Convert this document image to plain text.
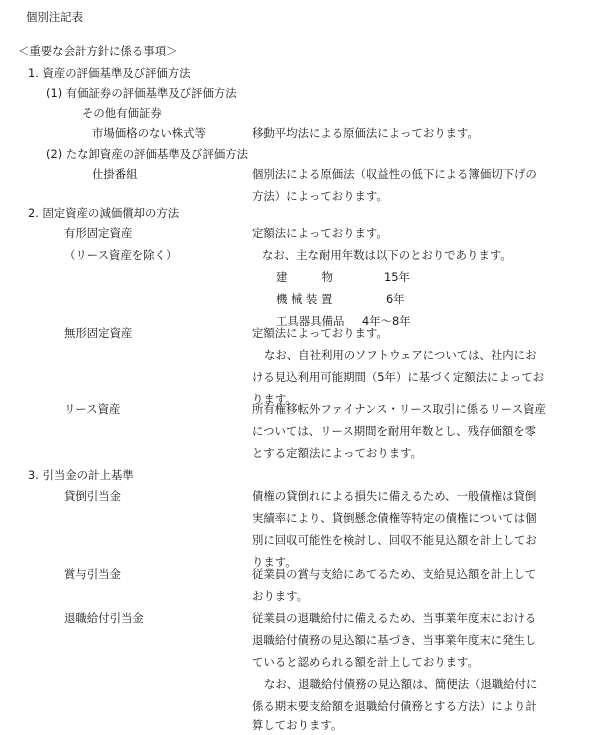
個別注記表
＜重要な会計方針に係る事項＞
1. 資産の評価基準及び評価方法
(1) 有価証券の評価基準及び評価方法
その他有価証券
市場価格のない株式等	移動平均法による原価法によっております。
(2) たな卸資産の評価基準及び評価方法
仕掛番組	個別法による原価法（収益性の低下による簿価切下げの
方法）によっております。
2. 固定資産の減価償却の方法
有形固定資産	定額法によっております。
（リース資産を除く）	なお、主な耐用年数は以下のとおりであります。
建　　　物	15年
機 械 装 置	6年
工具器具備品 4年〜8年
無形固定資産	定額法によっております。
なお、自社利用のソフトウェアについては、社内にお
ける見込利用可能期間（5年）に基づく定額法によってお
ります。
リース資産	所有権移転外ファイナンス・リース取引に係るリース資産
については、リース期間を耐用年数とし、残存価額を零
とする定額法によっております。
3. 引当金の計上基準
貸倒引当金	債権の貸倒れによる損失に備えるため、一般債権は貸倒
実績率により、貸倒懸念債権等特定の債権については個
別に回収可能性を検討し、回収不能見込額を計上してお
ります。
賞与引当金	従業員の賞与支給にあてるため、支給見込額を計上して
おります。
退職給付引当金	従業員の退職給付に備えるため、当事業年度末における
退職給付債務の見込額に基づき、当事業年度末に発生し
ていると認められる額を計上しております。
なお、退職給付債務の見込額は、簡便法（退職給付に
係る期末要支給額を退職給付債務とする方法）により計
算しております。
